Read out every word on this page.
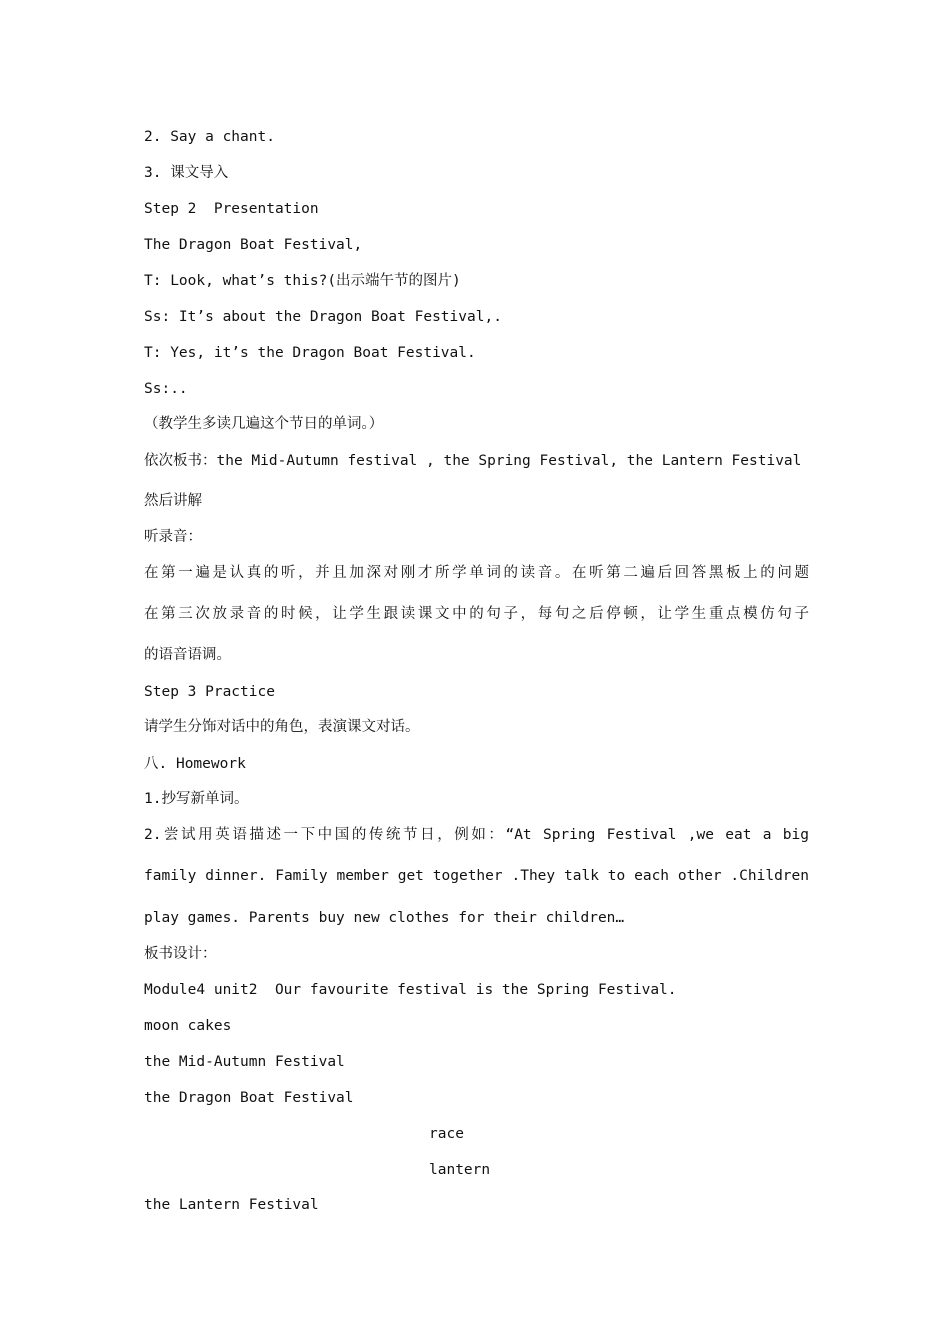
2. Say a chant.
3. 课文导入
Step 2  Presentation
The Dragon Boat Festival,
T: Look, what’s this?(出示端午节的图片)
Ss: It’s about the Dragon Boat Festival,.
T: Yes, it’s the Dragon Boat Festival.
Ss:..
（教学生多读几遍这个节日的单词。）
依次板书：the Mid-Autumn festival , the Spring Festival, the Lantern Festival
然后讲解
听录音：
在第一遍是认真的听，并且加深对刚才所学单词的读音。在听第二遍后回答黑板上的问题
在第三次放录音的时候，让学生跟读课文中的句子，每句之后停顿，让学生重点模仿句子
的语音语调。
Step 3 Practice
请学生分饰对话中的角色，表演课文对话。
八. Homework
1.抄写新单词。
2.尝试用英语描述一下中国的传统节日，例如：“At Spring Festival ,we eat a big
family dinner. Family member get together .They talk to each other .Children
play games. Parents buy new clothes for their children…
板书设计：
Module4 unit2  Our favourite festival is the Spring Festival.
moon cakes
the Mid-Autumn Festival
the Dragon Boat Festival
race
lantern
the Lantern Festival
